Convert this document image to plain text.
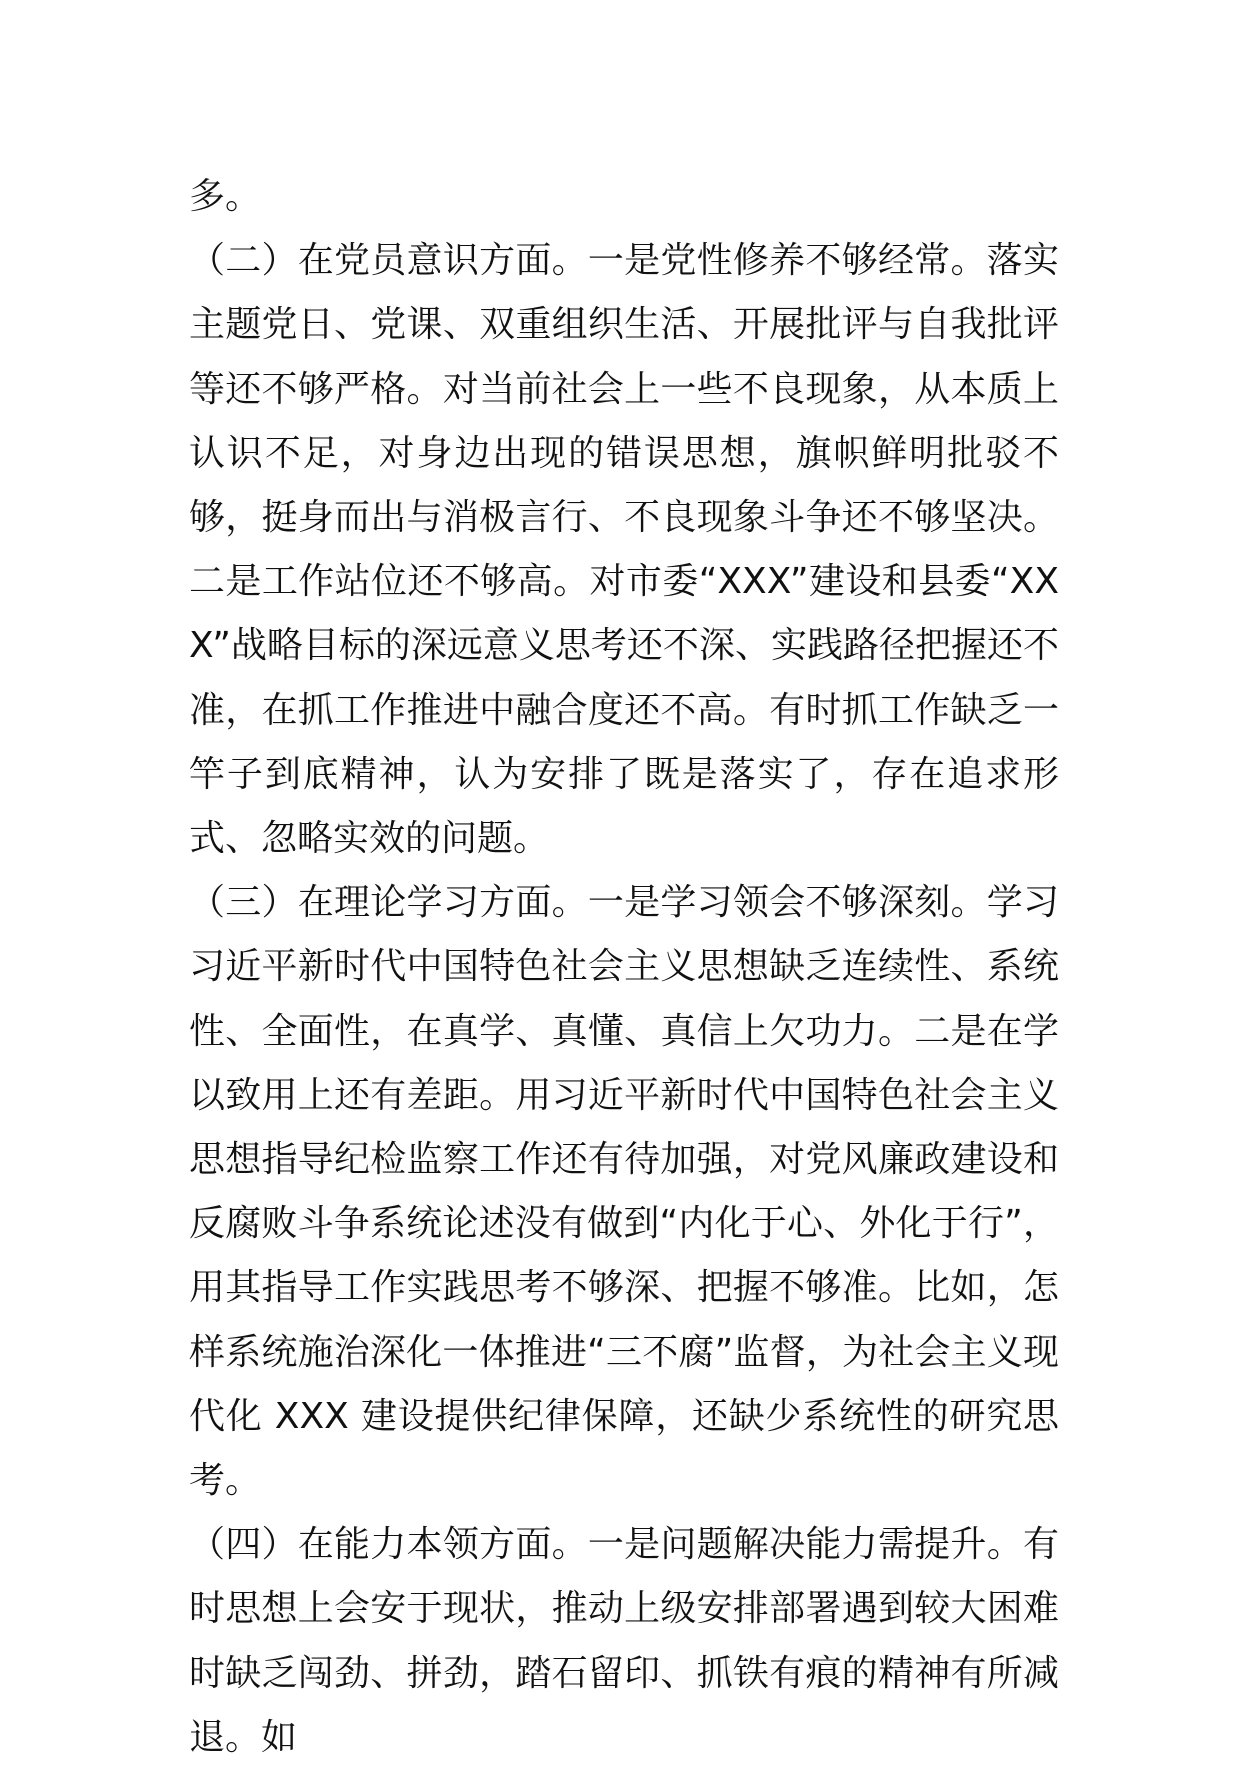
多。

（二）在党员意识方面。一是党性修养不够经常。落实主题党日、党课、双重组织生活、开展批评与自我批评等还不够严格。对当前社会上一些不良现象，从本质上认识不足，对身边出现的错误思想，旗帜鲜明批驳不够，挺身而出与消极言行、不良现象斗争还不够坚决。二是工作站位还不够高。对市委“XXX”建设和县委“XXX”战略目标的深远意义思考还不深、实践路径把握还不准，在抓工作推进中融合度还不高。有时抓工作缺乏一竿子到底精神，认为安排了既是落实了，存在追求形式、忽略实效的问题。

（三）在理论学习方面。一是学习领会不够深刻。学习习近平新时代中国特色社会主义思想缺乏连续性、系统性、全面性，在真学、真懂、真信上欠功力。二是在学以致用上还有差距。用习近平新时代中国特色社会主义思想指导纪检监察工作还有待加强，对党风廉政建设和反腐败斗争系统论述没有做到“内化于心、外化于行”，用其指导工作实践思考不够深、把握不够准。比如，怎样系统施治深化一体推进“三不腐”监督，为社会主义现代化 XXX 建设提供纪律保障，还缺少系统性的研究思考。

（四）在能力本领方面。一是问题解决能力需提升。有时思想上会安于现状，推动上级安排部署遇到较大困难时缺乏闯劲、拼劲，踏石留印、抓铁有痕的精神有所减退。如
